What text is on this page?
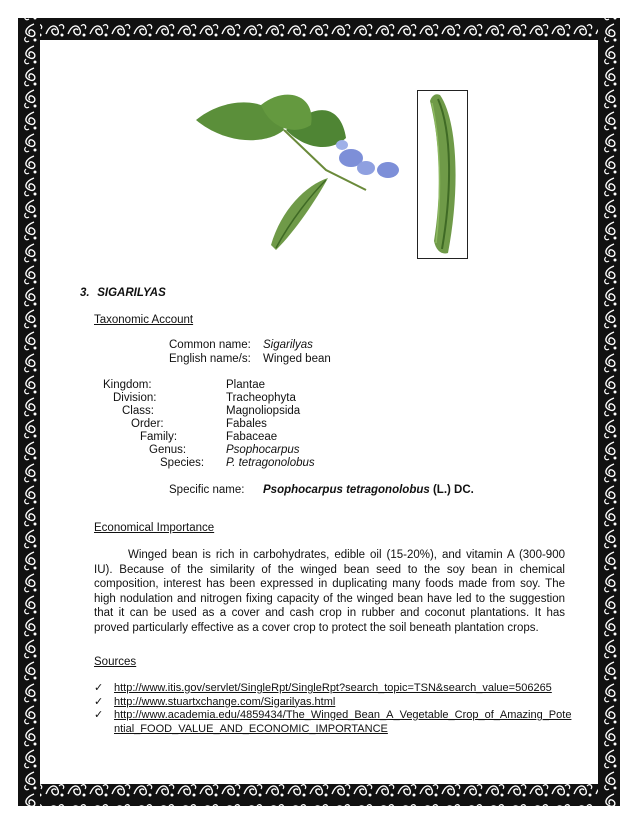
3. SIGARILYAS
Taxonomic Account
Common name: Sigarilyas
English name/s: Winged bean
Kingdom:	Plantae
Division:	Tracheophyta
Class:	Magnoliopsida
Order:	Fabales
Family:	Fabaceae
Genus:	Psophocarpus
Species: P. tetragonolobus
Specific name: Psophocarpus tetragonolobus (L.) DC.
Economical Importance

Winged bean is rich in carbohydrates, edible oil (15-20%), and vitamin A (300-900 IU). Because of the similarity of the winged bean seed to the soy bean in chemical composition, interest has been expressed in duplicating many foods made from soy. The high nodulation and nitrogen fixing capacity of the winged bean have led to the suggestion that it can be used as a cover and cash crop in rubber and coconut plantations. It has proved particularly effective as a cover crop to protect the soil beneath plantation crops.

Sources
✓ http://www.itis.gov/servlet/SingleRpt/SingleRpt?search_topic=TSN&search_value=506265
✓ http://www.stuartxchange.com/Sigarilyas.html
✓ http://www.academia.edu/4859434/The_Winged_Bean_A_Vegetable_Crop_of_Amazing_Potential_FOOD_VALUE_AND_ECONOMIC_IMPORTANCE
